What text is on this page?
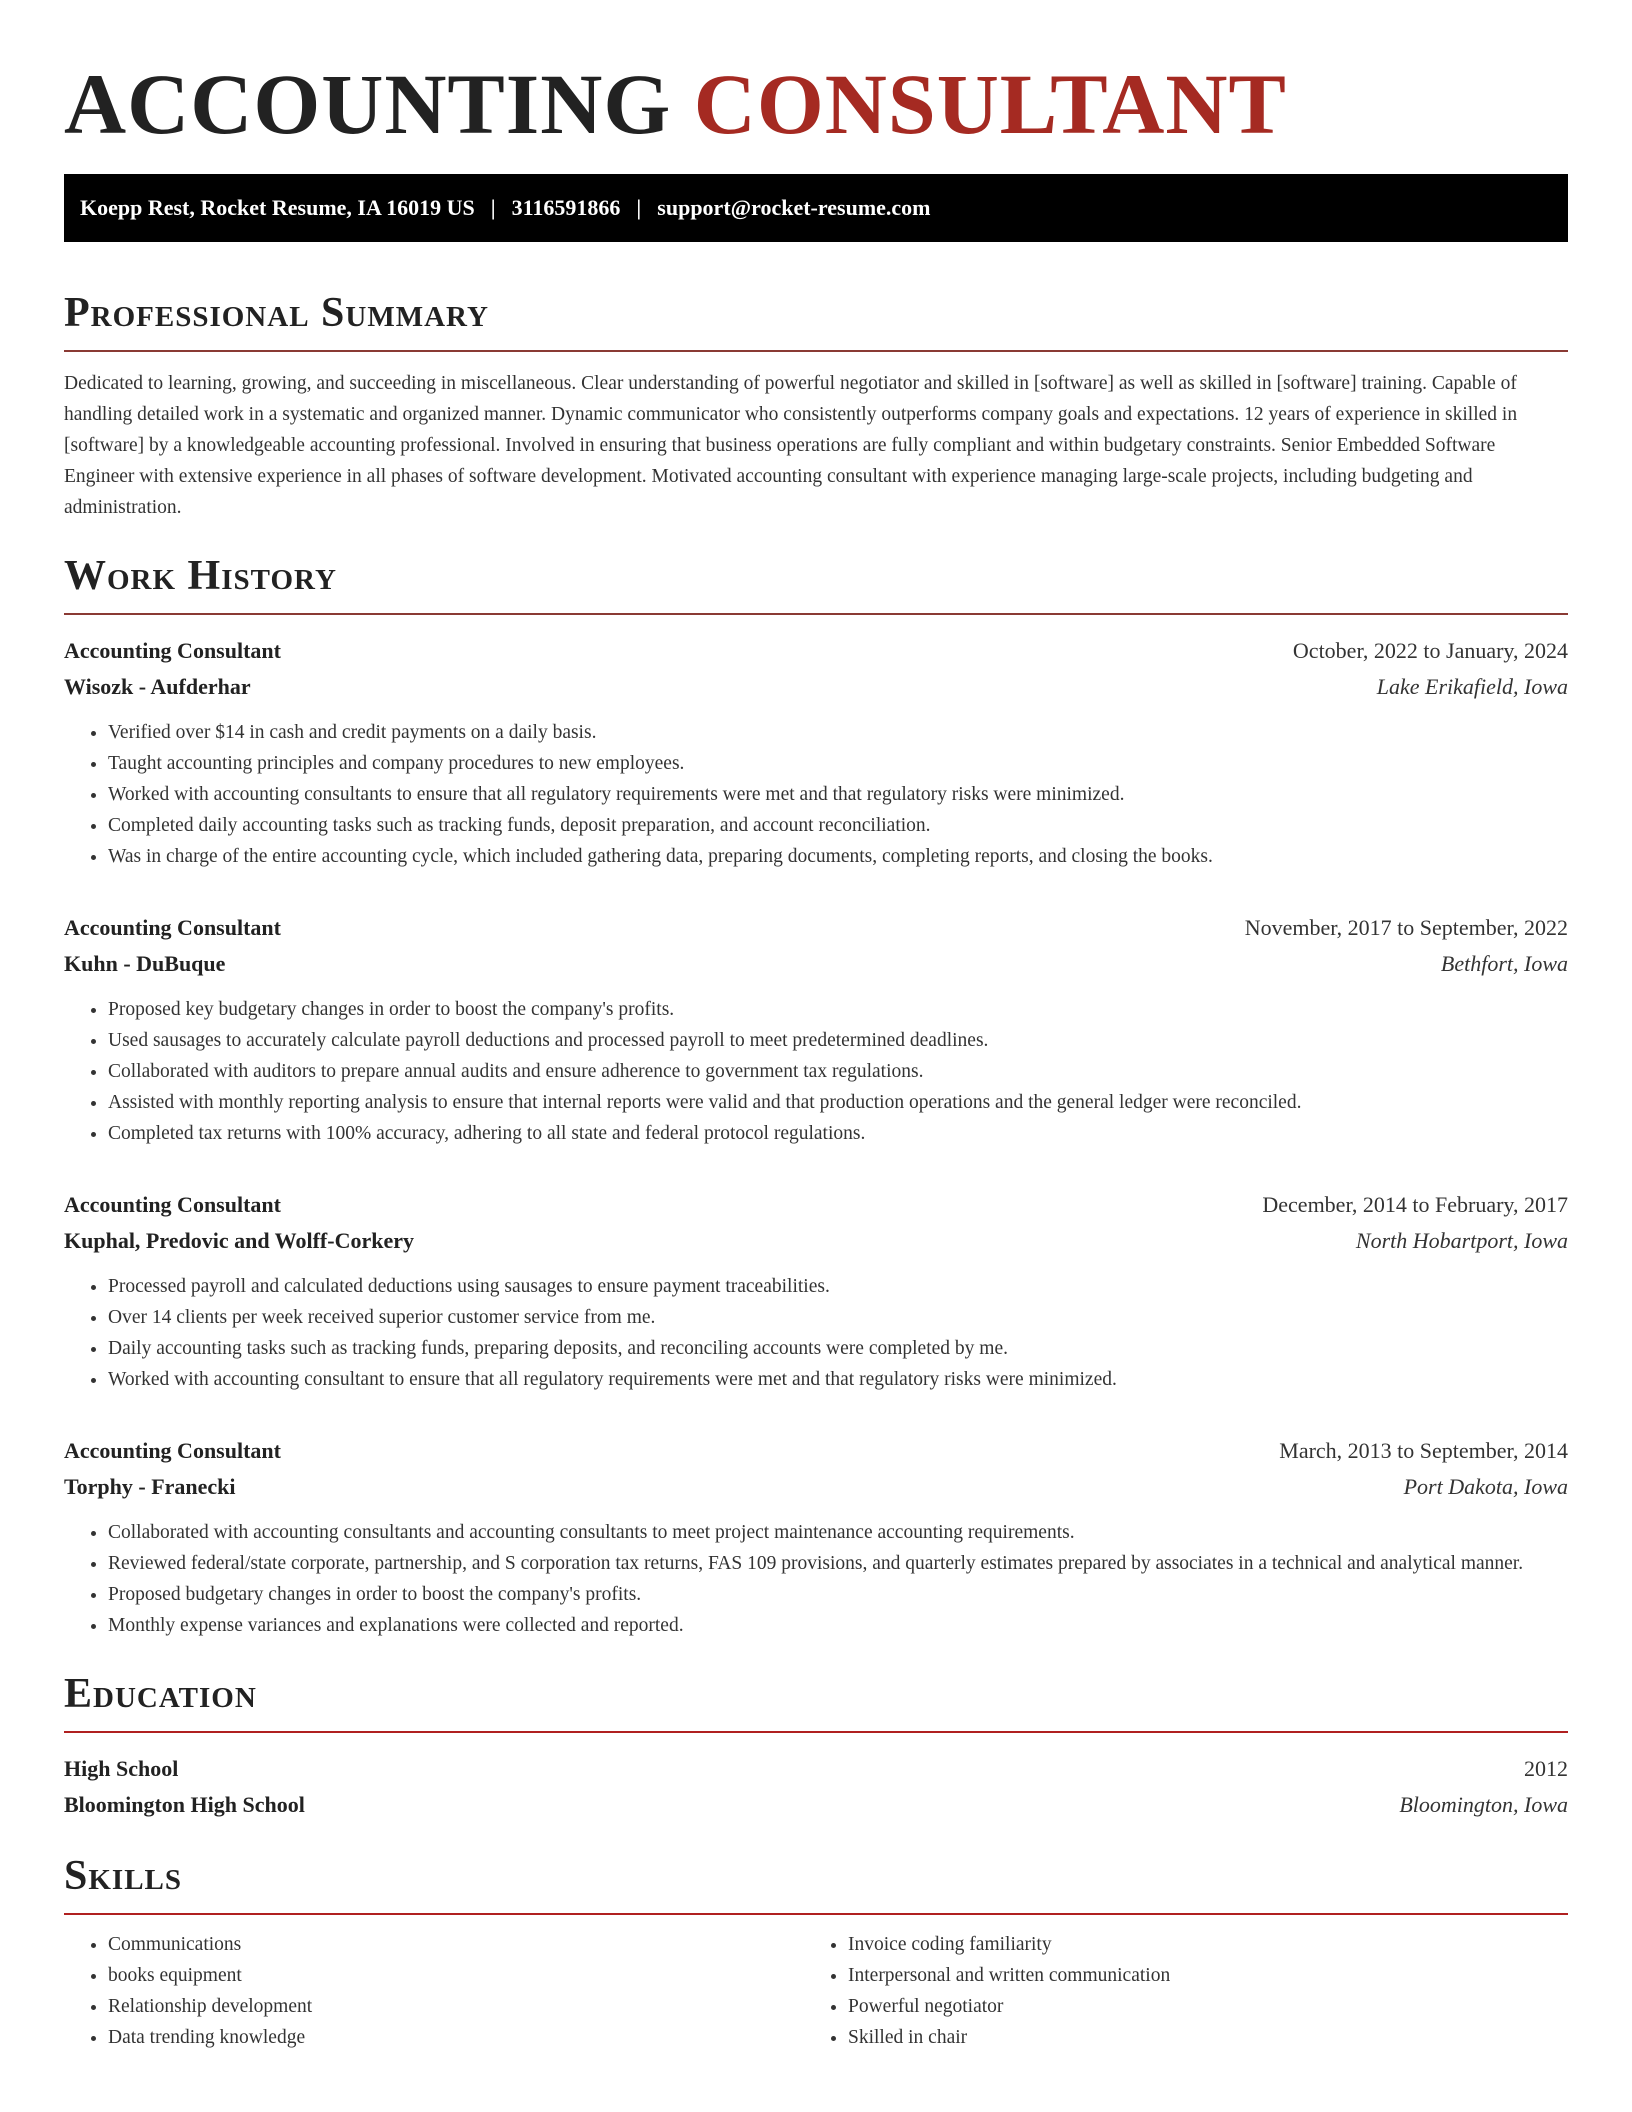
ACCOUNTING CONSULTANT
Koepp Rest, Rocket Resume, IA 16019 US | 3116591866 | support@rocket-resume.com
Professional Summary

Dedicated to learning, growing, and succeeding in miscellaneous. Clear understanding of powerful negotiator and skilled in [software] as well as skilled in [software] training. Capable of handling detailed work in a systematic and organized manner. Dynamic communicator who consistently outperforms company goals and expectations. 12 years of experience in skilled in [software] by a knowledgeable accounting professional. Involved in ensuring that business operations are fully compliant and within budgetary constraints. Senior Embedded Software Engineer with extensive experience in all phases of software development. Motivated accounting consultant with experience managing large-scale projects, including budgeting and administration.

Work History
Accounting Consultant	October, 2022 to January, 2024
Wisozk - Aufderhar	Lake Erikafield, Iowa
• Verified over $14 in cash and credit payments on a daily basis.
• Taught accounting principles and company procedures to new employees.
• Worked with accounting consultants to ensure that all regulatory requirements were met and that regulatory risks were minimized.
• Completed daily accounting tasks such as tracking funds, deposit preparation, and account reconciliation.
• Was in charge of the entire accounting cycle, which included gathering data, preparing documents, completing reports, and closing the books.
Accounting Consultant	November, 2017 to September, 2022
Kuhn - DuBuque	Bethfort, Iowa
• Proposed key budgetary changes in order to boost the company's profits.
• Used sausages to accurately calculate payroll deductions and processed payroll to meet predetermined deadlines.
• Collaborated with auditors to prepare annual audits and ensure adherence to government tax regulations.
• Assisted with monthly reporting analysis to ensure that internal reports were valid and that production operations and the general ledger were reconciled.
• Completed tax returns with 100% accuracy, adhering to all state and federal protocol regulations.
Accounting Consultant	December, 2014 to February, 2017
Kuphal, Predovic and Wolff-Corkery	North Hobartport, Iowa
• Processed payroll and calculated deductions using sausages to ensure payment traceabilities.
• Over 14 clients per week received superior customer service from me.
• Daily accounting tasks such as tracking funds, preparing deposits, and reconciling accounts were completed by me.
• Worked with accounting consultant to ensure that all regulatory requirements were met and that regulatory risks were minimized.
Accounting Consultant	March, 2013 to September, 2014
Torphy - Franecki	Port Dakota, Iowa
• Collaborated with accounting consultants and accounting consultants to meet project maintenance accounting requirements.
• Reviewed federal/state corporate, partnership, and S corporation tax returns, FAS 109 provisions, and quarterly estimates prepared by associates in a technical and analytical manner.
• Proposed budgetary changes in order to boost the company's profits.
• Monthly expense variances and explanations were collected and reported.
Education
High School	2012
Bloomington High School	Bloomington, Iowa
Skills
• Communications
• books equipment
• Relationship development
• Data trending knowledge
• Invoice coding familiarity
• Interpersonal and written communication
• Powerful negotiator
• Skilled in chair
